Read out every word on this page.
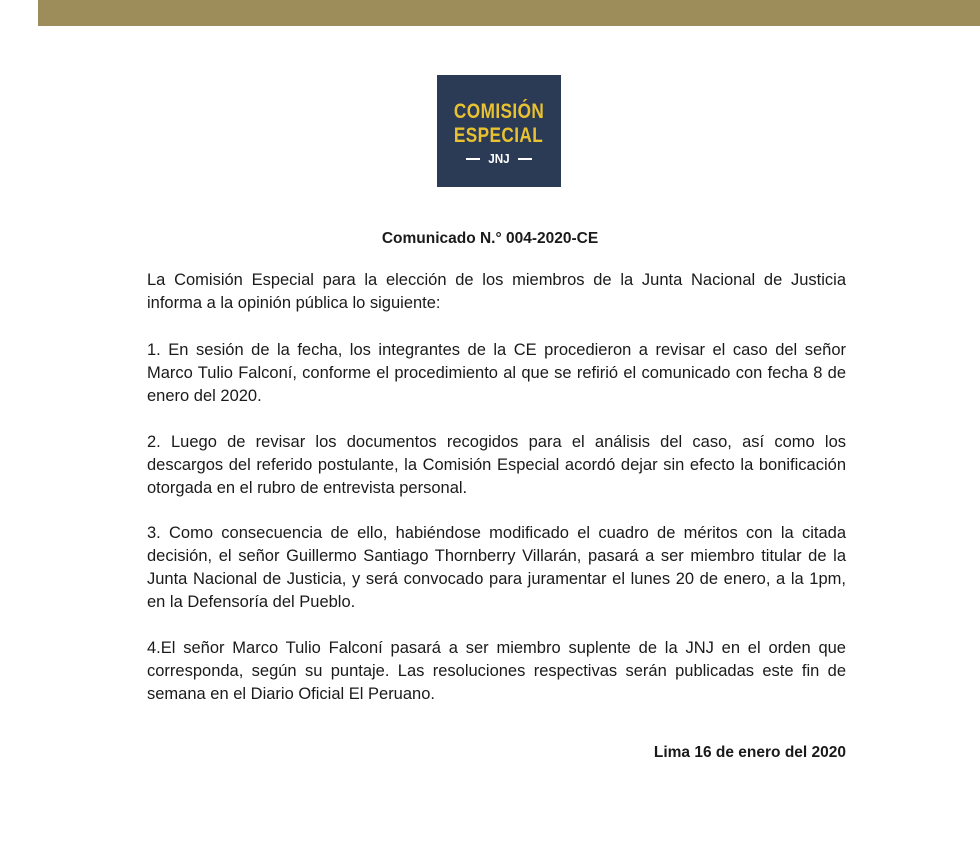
COMISIÓN
ESPECIAL
JNJ
Comunicado N.° 004-2020-CE

La Comisión Especial para la elección de los miembros de la Junta Nacional de Justicia informa a la opinión pública lo siguiente:

1. En sesión de la fecha, los integrantes de la CE procedieron a revisar el caso del señor Marco Tulio Falconí, conforme el procedimiento al que se refirió el comunicado con fecha 8 de enero del 2020.

2. Luego de revisar los documentos recogidos para el análisis del caso, así como los descargos del referido postulante, la Comisión Especial acordó dejar sin efecto la bonificación otorgada en el rubro de entrevista personal.

3. Como consecuencia de ello, habiéndose modificado el cuadro de méritos con la citada decisión, el señor Guillermo Santiago Thornberry Villarán, pasará a ser miembro titular de la Junta Nacional de Justicia, y será convocado para juramentar el lunes 20 de enero, a la 1pm, en la Defensoría del Pueblo.

4.El señor Marco Tulio Falconí pasará a ser miembro suplente de la JNJ en el orden que corresponda, según su puntaje. Las resoluciones respectivas serán publicadas este fin de semana en el Diario Oficial El Peruano.

Lima 16 de enero del 2020
